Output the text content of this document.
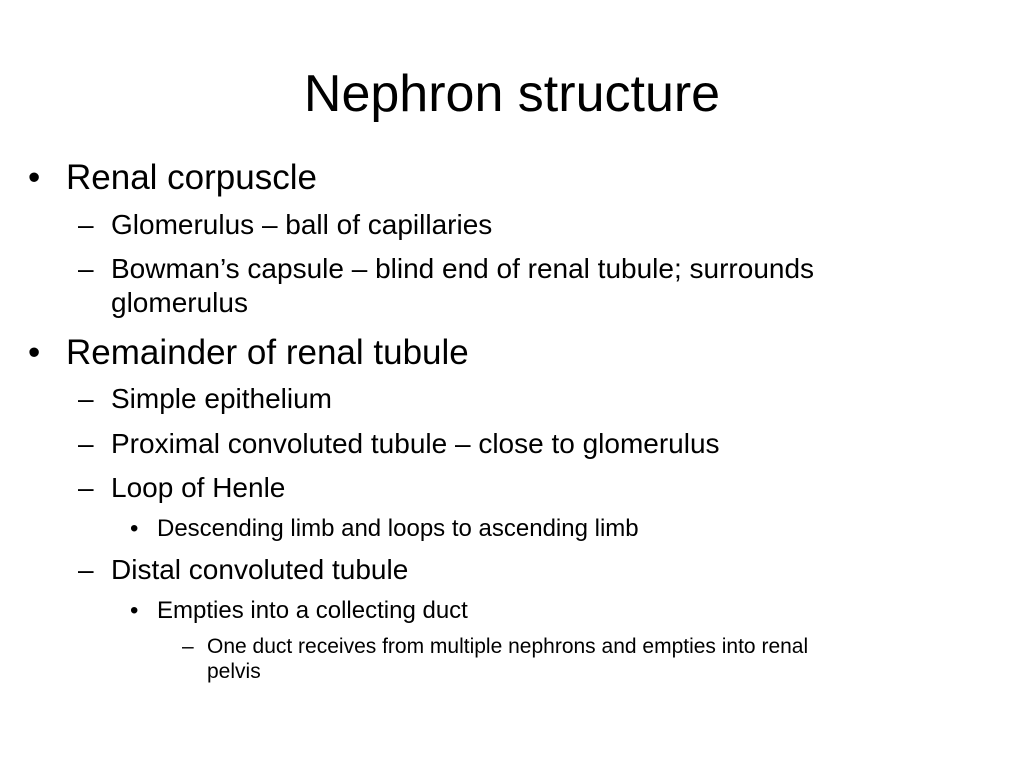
Nephron structure
• Renal corpuscle
– Glomerulus – ball of capillaries
– Bowman’s capsule – blind end of renal tubule; surrounds
glomerulus
• Remainder of renal tubule
– Simple epithelium
– Proximal convoluted tubule – close to glomerulus
– Loop of Henle
• Descending limb and loops to ascending limb
– Distal convoluted tubule
• Empties into a collecting duct
– One duct receives from multiple nephrons and empties into renal
pelvis
